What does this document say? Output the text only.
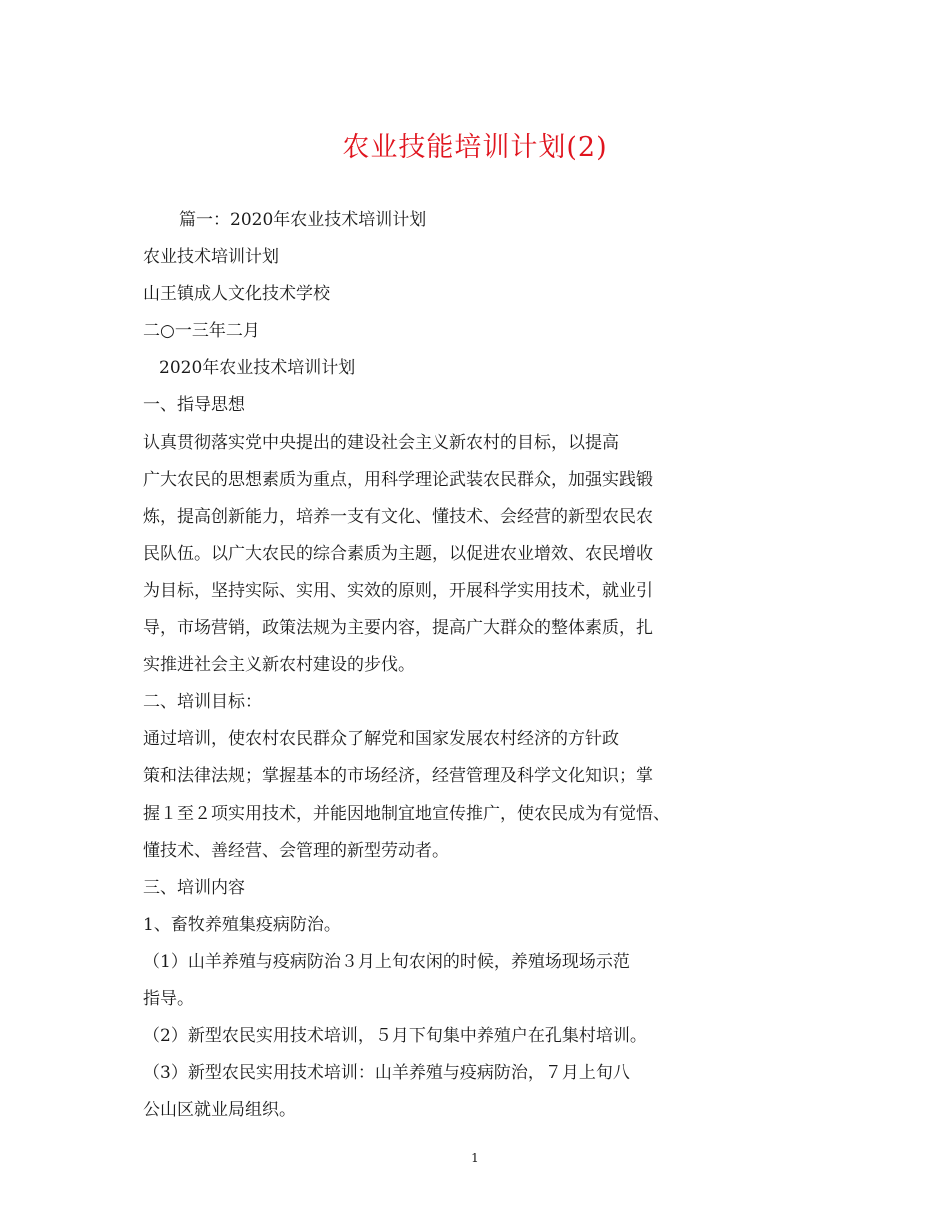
农业技能培训计划(2)
篇一：2020年农业技术培训计划
农业技术培训计划
山王镇成人文化技术学校
二○一三年二月
2020年农业技术培训计划
一、指导思想
认真贯彻落实党中央提出的建设社会主义新农村的目标，以提高
广大农民的思想素质为重点，用科学理论武装农民群众，加强实践锻
炼，提高创新能力，培养一支有文化、懂技术、会经营的新型农民农
民队伍。以广大农民的综合素质为主题，以促进农业增效、农民增收
为目标，坚持实际、实用、实效的原则，开展科学实用技术，就业引
导，市场营销，政策法规为主要内容，提高广大群众的整体素质，扎
实推进社会主义新农村建设的步伐。
二、培训目标：
通过培训，使农村农民群众了解党和国家发展农村经济的方针政
策和法律法规；掌握基本的市场经济，经营管理及科学文化知识；掌
握１至２项实用技术，并能因地制宜地宣传推广，使农民成为有觉悟、
懂技术、善经营、会管理的新型劳动者。
三、培训内容
1、畜牧养殖集疫病防治。
（1）山羊养殖与疫病防治３月上旬农闲的时候，养殖场现场示范
指导。
（2）新型农民实用技术培训，５月下旬集中养殖户在孔集村培训。
（3）新型农民实用技术培训：山羊养殖与疫病防治，７月上旬八
公山区就业局组织。
1
